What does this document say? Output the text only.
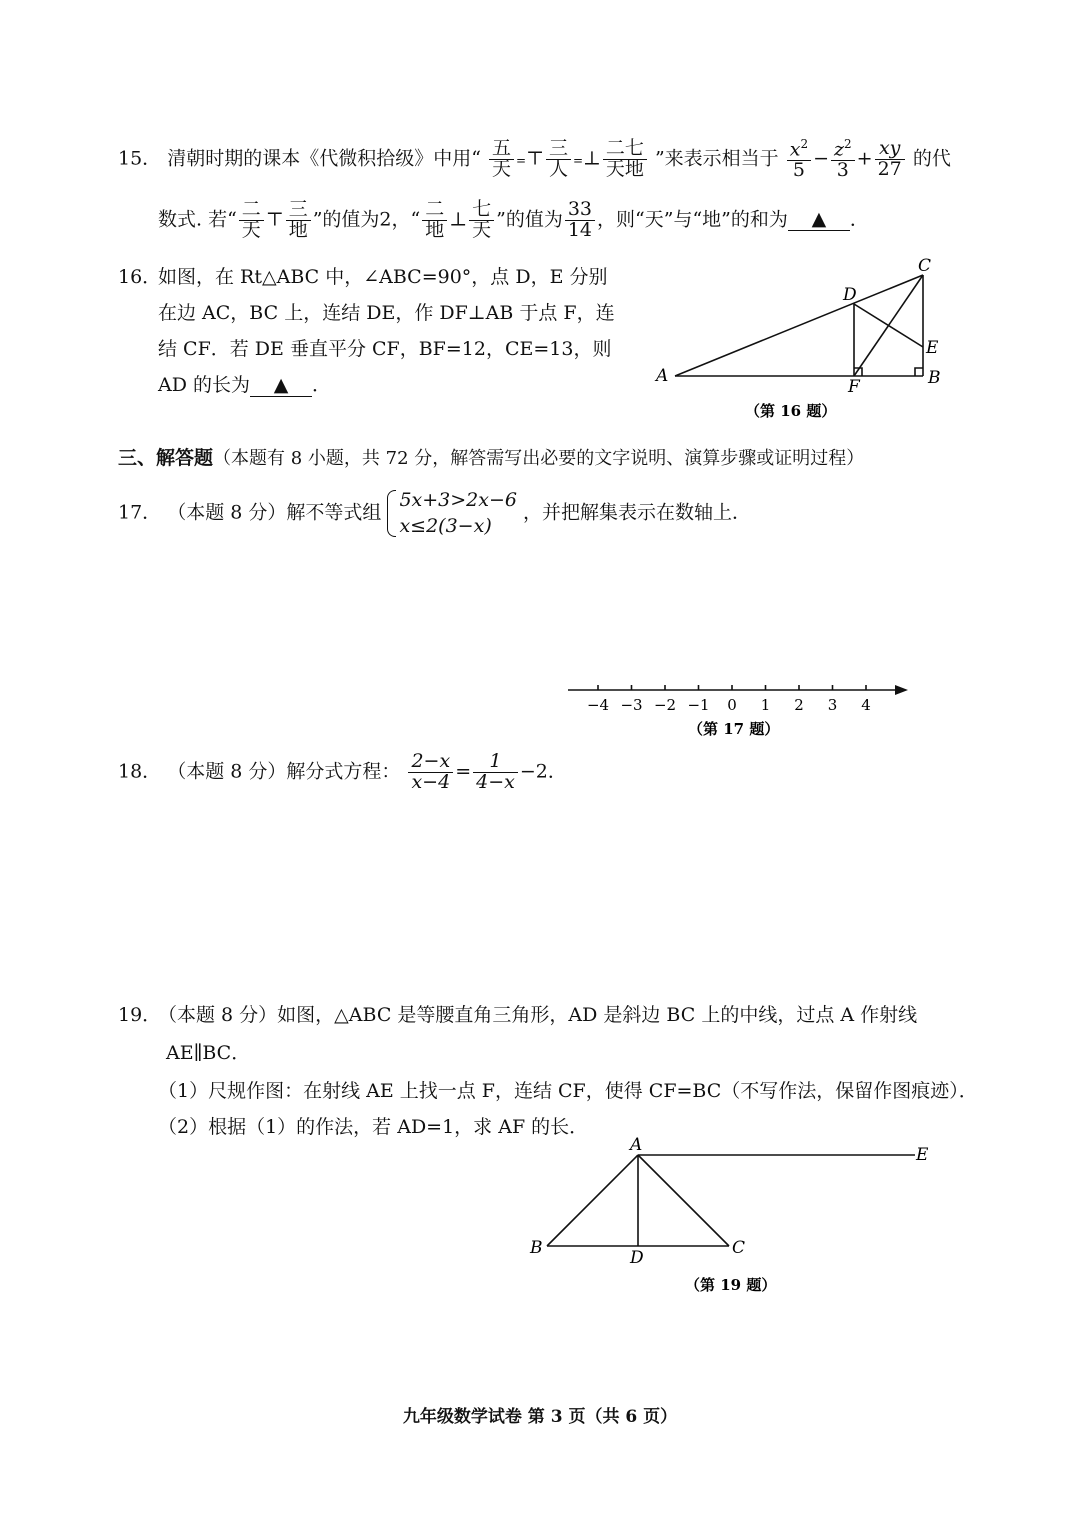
15． 清朝时期的课本《代微积拾级》中用“ $\frac{\text{五}}{\text{天}}$ =⊤ $\frac{\text{三}}{\text{人}}$ =⊥ $\frac{\text{二七}}{\text{天地}}$ ”来表示相当于 $\frac{x^2}{5} - \frac{z^2}{3} + \frac{xy}{27}$ 的代
数式. 若“ $\frac{\text{二}}{\text{天}}$ ⊤ $\frac{\text{三}}{\text{地}}$ ”的值为2，“ $\frac{\text{二}}{\text{地}}$ ⊥ $\frac{\text{七}}{\text{天}}$ ”的值为 $\frac{33}{14}$ ，则“天”与“地”的和为 ▲ ．
16．
如图，在 Rt△ABC 中，∠ABC=90°，点 D，E 分别
在边 AC，BC 上，连结 DE，作 DF⊥AB 于点 F，连
结 CF．若 DE 垂直平分 CF，BF=12，CE=13，则
AD 的长为 ▲ ．	A	B
C
D
E
F
（第 16 题）
三、解答题（本题有 8 小题，共 72 分，解答需写出必要的文字说明、演算步骤或证明过程）
17． （本题 8 分）解不等式组
5x+3>2x−6
x≤2(3−x)
，并把解集表示在数轴上．
−4 −3 −2 −1 0 1 2 3 4
（第 17 题）
18． （本题 8 分）解分式方程： $\frac{2-x}{x-4} = \frac{1}{4-x} -2$．
19．
（本题 8 分）如图，△ABC 是等腰直角三角形，AD 是斜边 BC 上的中线，过点 A 作射线
AE∥BC．
（1）尺规作图：在射线 AE 上找一点 F，连结 CF，使得 CF=BC（不写作法，保留作图痕迹）．
（2）根据（1）的作法，若 AD=1，求 AF 的长．
A
B	C
D
E
（第 19 题）
九年级数学试卷 第 3 页（共 6 页）
